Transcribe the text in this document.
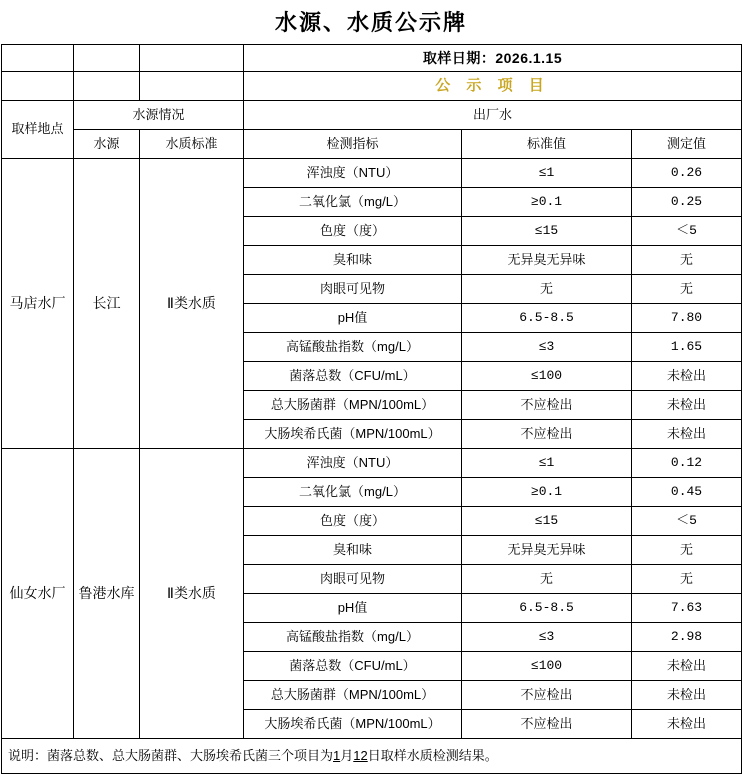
水源、水质公示牌
			取样日期：2026.1.15		
			公 示 项 目		
取样地点	水源情况		出厂水		
	水源	水质标准	检测指标	标准值	测定值
马店水厂	长江	Ⅱ类水质	浑浊度（NTU）	≤1	0.26
			二氧化氯（mg/L）	≥0.1	0.25
			色度（度）	≤15	＜5
			臭和味	无异臭无异味	无
			肉眼可见物	无	无
			pH值	6.5-8.5	7.80
			高锰酸盐指数（mg/L）	≤3	1.65
			菌落总数（CFU/mL）	≤100	未检出
			总大肠菌群（MPN/100mL）	不应检出	未检出
			大肠埃希氏菌（MPN/100mL）	不应检出	未检出
仙女水厂	鲁港水库	Ⅱ类水质	浑浊度（NTU）	≤1	0.12
			二氧化氯（mg/L）	≥0.1	0.45
			色度（度）	≤15	＜5
			臭和味	无异臭无异味	无
			肉眼可见物	无	无
			pH值	6.5-8.5	7.63
			高锰酸盐指数（mg/L）	≤3	2.98
			菌落总数（CFU/mL）	≤100	未检出
			总大肠菌群（MPN/100mL）	不应检出	未检出
			大肠埃希氏菌（MPN/100mL）	不应检出	未检出
说明：菌落总数、总大肠菌群、大肠埃希氏菌三个项目为1月12日取样水质检测结果。					
